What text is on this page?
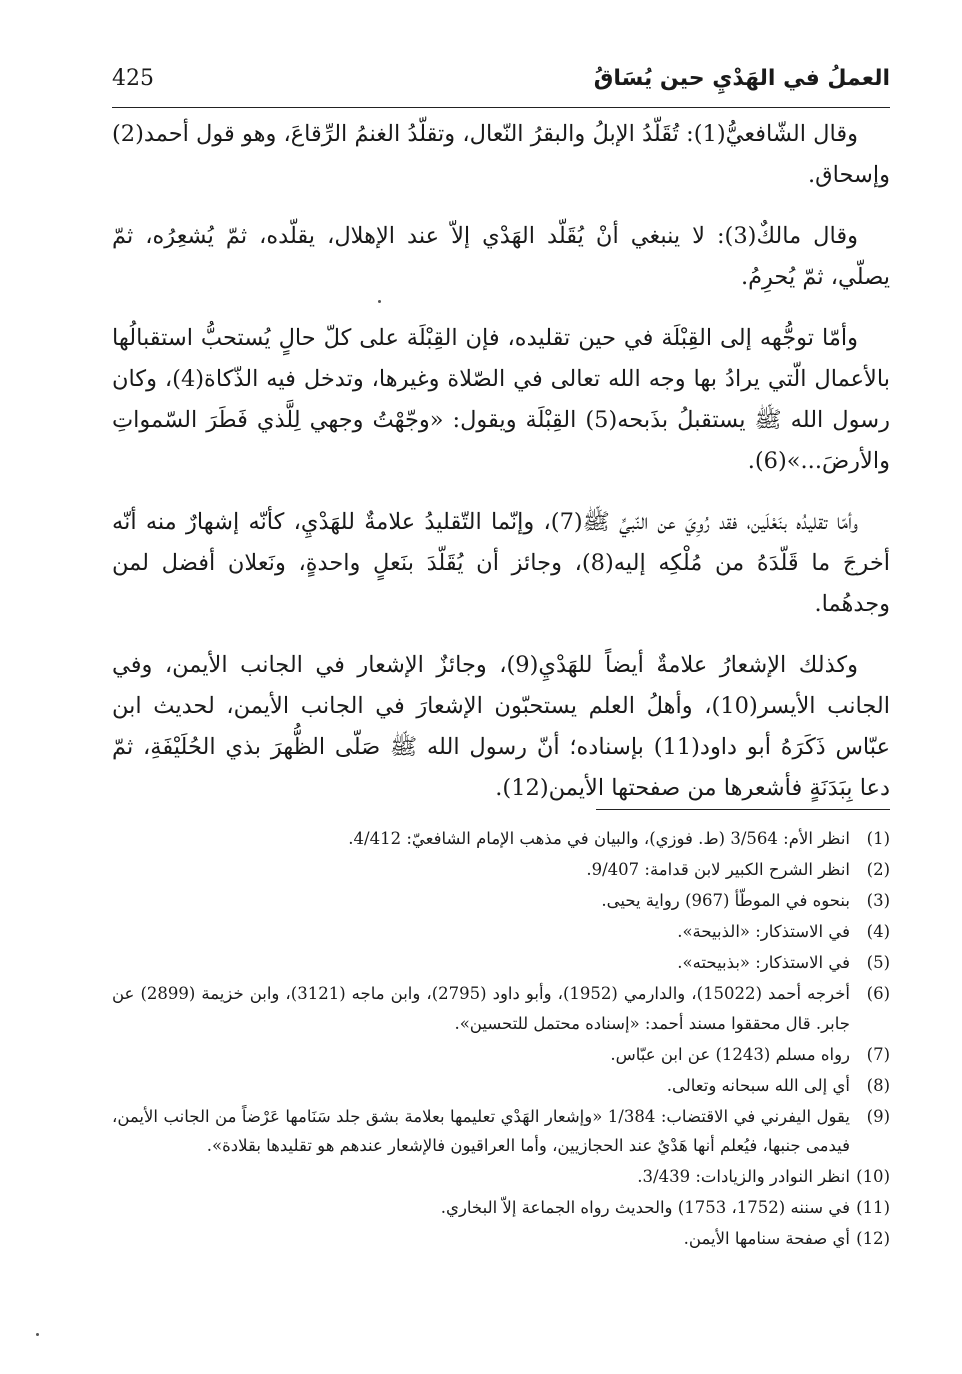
العملُ في الهَدْيِ حين يُسَاقُ
425

وقال الشّافعيُّ(1): تُقَلّدُ الإبلُ والبقرُ النّعال، وتقلّدُ الغنمُ الرِّقاعَ، وهو قول أحمد(2) وإسحاق.

وقال مالكٌ(3): لا ينبغي أنْ يُقَلّد الهَدْي إلاّ عند الإهلال، يقلّده، ثمّ يُشعِرُه، ثمّ يصلّي، ثمّ يُحرِمُ.

وأمّا توجُّهه إلى القِبْلَة في حين تقليده، فإن القِبْلَة على كلّ حالٍ يُستحبُّ استقبالُها بالأعمال الّتي يرادُ بها وجه الله تعالى في الصّلاة وغيرها، وتدخل فيه الذّكاة(4)، وكان رسول الله ﷺ يستقبلُ بذَبحه(5) القِبْلَة ويقول: «وجّهْتُ وجهي لِلَّذي فَطَرَ السّمواتِ والأرضَ...»(6).

وأمّا تقليدُه بنَعْلَين، فقد رُوِيَ عن النّبيِّ ﷺ(7)، وإنّما التّقليدُ علامةٌ للهَدْيِ، كأنّه إشهارٌ منه أنّه أخرجَ ما قَلّدَهُ من مُلْكِه إليه(8)، وجائز أن يُقَلّدَ بنَعلٍ واحدةٍ، ونَعلان أفضل لمن وجدهُما.

وكذلك الإشعارُ علامةٌ أيضاً للهَدْيِ(9)، وجائزٌ الإشعار في الجانب الأيمن، وفي الجانب الأيسر(10)، وأهلُ العلم يستحبّون الإشعارَ في الجانب الأيمن، لحديث ابن عبّاس ذَكَرَهُ أبو داود(11) بإسناده؛ أنّ رسول الله ﷺ صَلّى الظُّهرَ بذي الحُلَيْفَةِ، ثمّ دعا بِبَدَنَةٍ فأشعرها من صفحتها الأيمن(12).

(1)
انظر الأم: 3/564 (ط. فوزي)، والبيان في مذهب الإمام الشافعيّ: 4/412.
(2)
انظر الشرح الكبير لابن قدامة: 9/407.
(3)
بنحوه في الموطّأ (967) رواية يحيى.
(4)
في الاستذكار: «الذبيحة».
(5)
في الاستذكار: «بذبيحته».
(6)
أخرجه أحمد (15022)، والدارمي (1952)، وأبو داود (2795)، وابن ماجه (3121)، وابن خزيمة (2899) عن جابر. قال محققوا مسند أحمد: «إسناده محتمل للتحسين».
(7)
رواه مسلم (1243) عن ابن عبّاس.
(8)
أي إلى الله سبحانه وتعالى.
(9)
يقول اليفرني في الاقتضاب: 1/384 «وإشعار الهَدْي تعليمها بعلامة بشق جلد سَنَامها عَرْضاً من الجانب الأيمن، فيدمى جنبها، فيُعلم أنها هَدْيٌ عند الحجازيين، وأما العراقيون فالإشعار عندهم هو تقليدها بقلادة».
(10)
انظر النوادر والزيادات: 3/439.
(11)
في سننه (1752، 1753) والحديث رواه الجماعة إلاّ البخاري.
(12)
أي صفحة سنامها الأيمن.
